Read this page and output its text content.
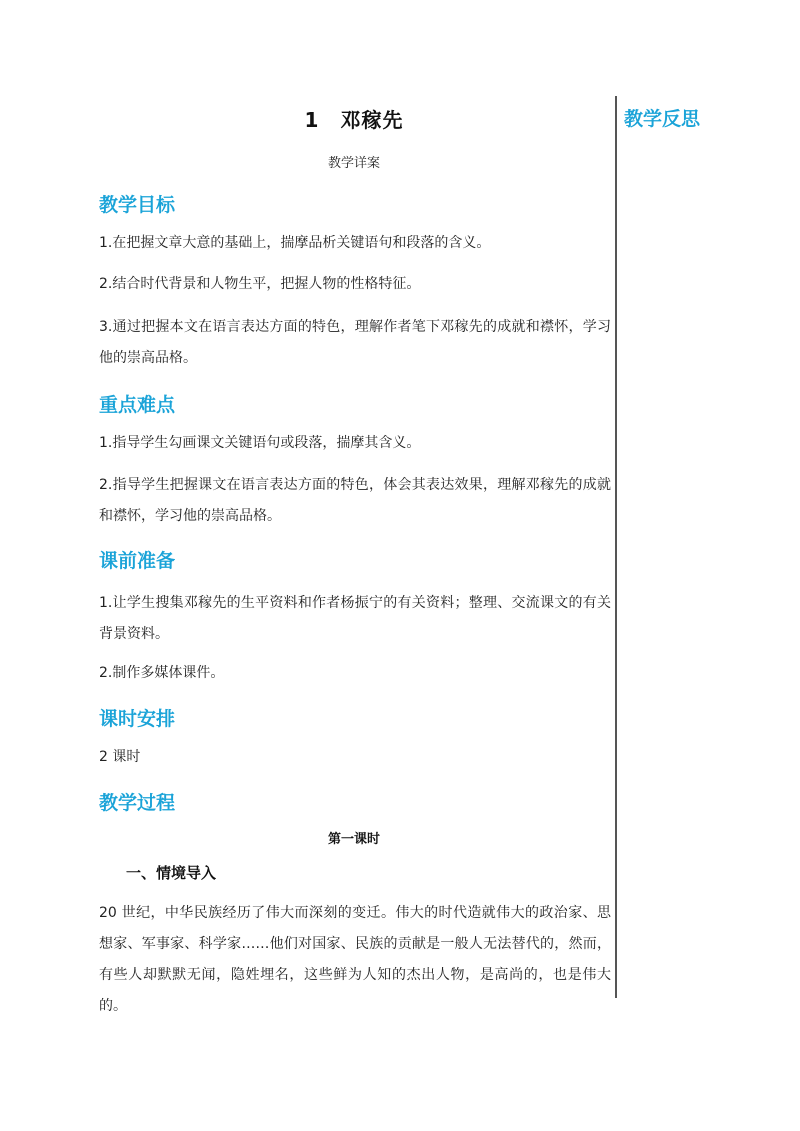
教学反思
1　邓稼先
教学详案
教学目标

1.在把握文章大意的基础上，揣摩品析关键语句和段落的含义。

2.结合时代背景和人物生平，把握人物的性格特征。

3.通过把握本文在语言表达方面的特色，理解作者笔下邓稼先的成就和襟怀，学习他的崇高品格。

重点难点

1.指导学生勾画课文关键语句或段落，揣摩其含义。

2.指导学生把握课文在语言表达方面的特色，体会其表达效果，理解邓稼先的成就和襟怀，学习他的崇高品格。

课前准备

1.让学生搜集邓稼先的生平资料和作者杨振宁的有关资料；整理、交流课文的有关背景资料。

2.制作多媒体课件。

课时安排

2 课时

教学过程
第一课时
一、情境导入

20 世纪，中华民族经历了伟大而深刻的变迁。伟大的时代造就伟大的政治家、思想家、军事家、科学家……他们对国家、民族的贡献是一般人无法替代的，然而，有些人却默默无闻，隐姓埋名，这些鲜为人知的杰出人物，是高尚的，也是伟大的。
